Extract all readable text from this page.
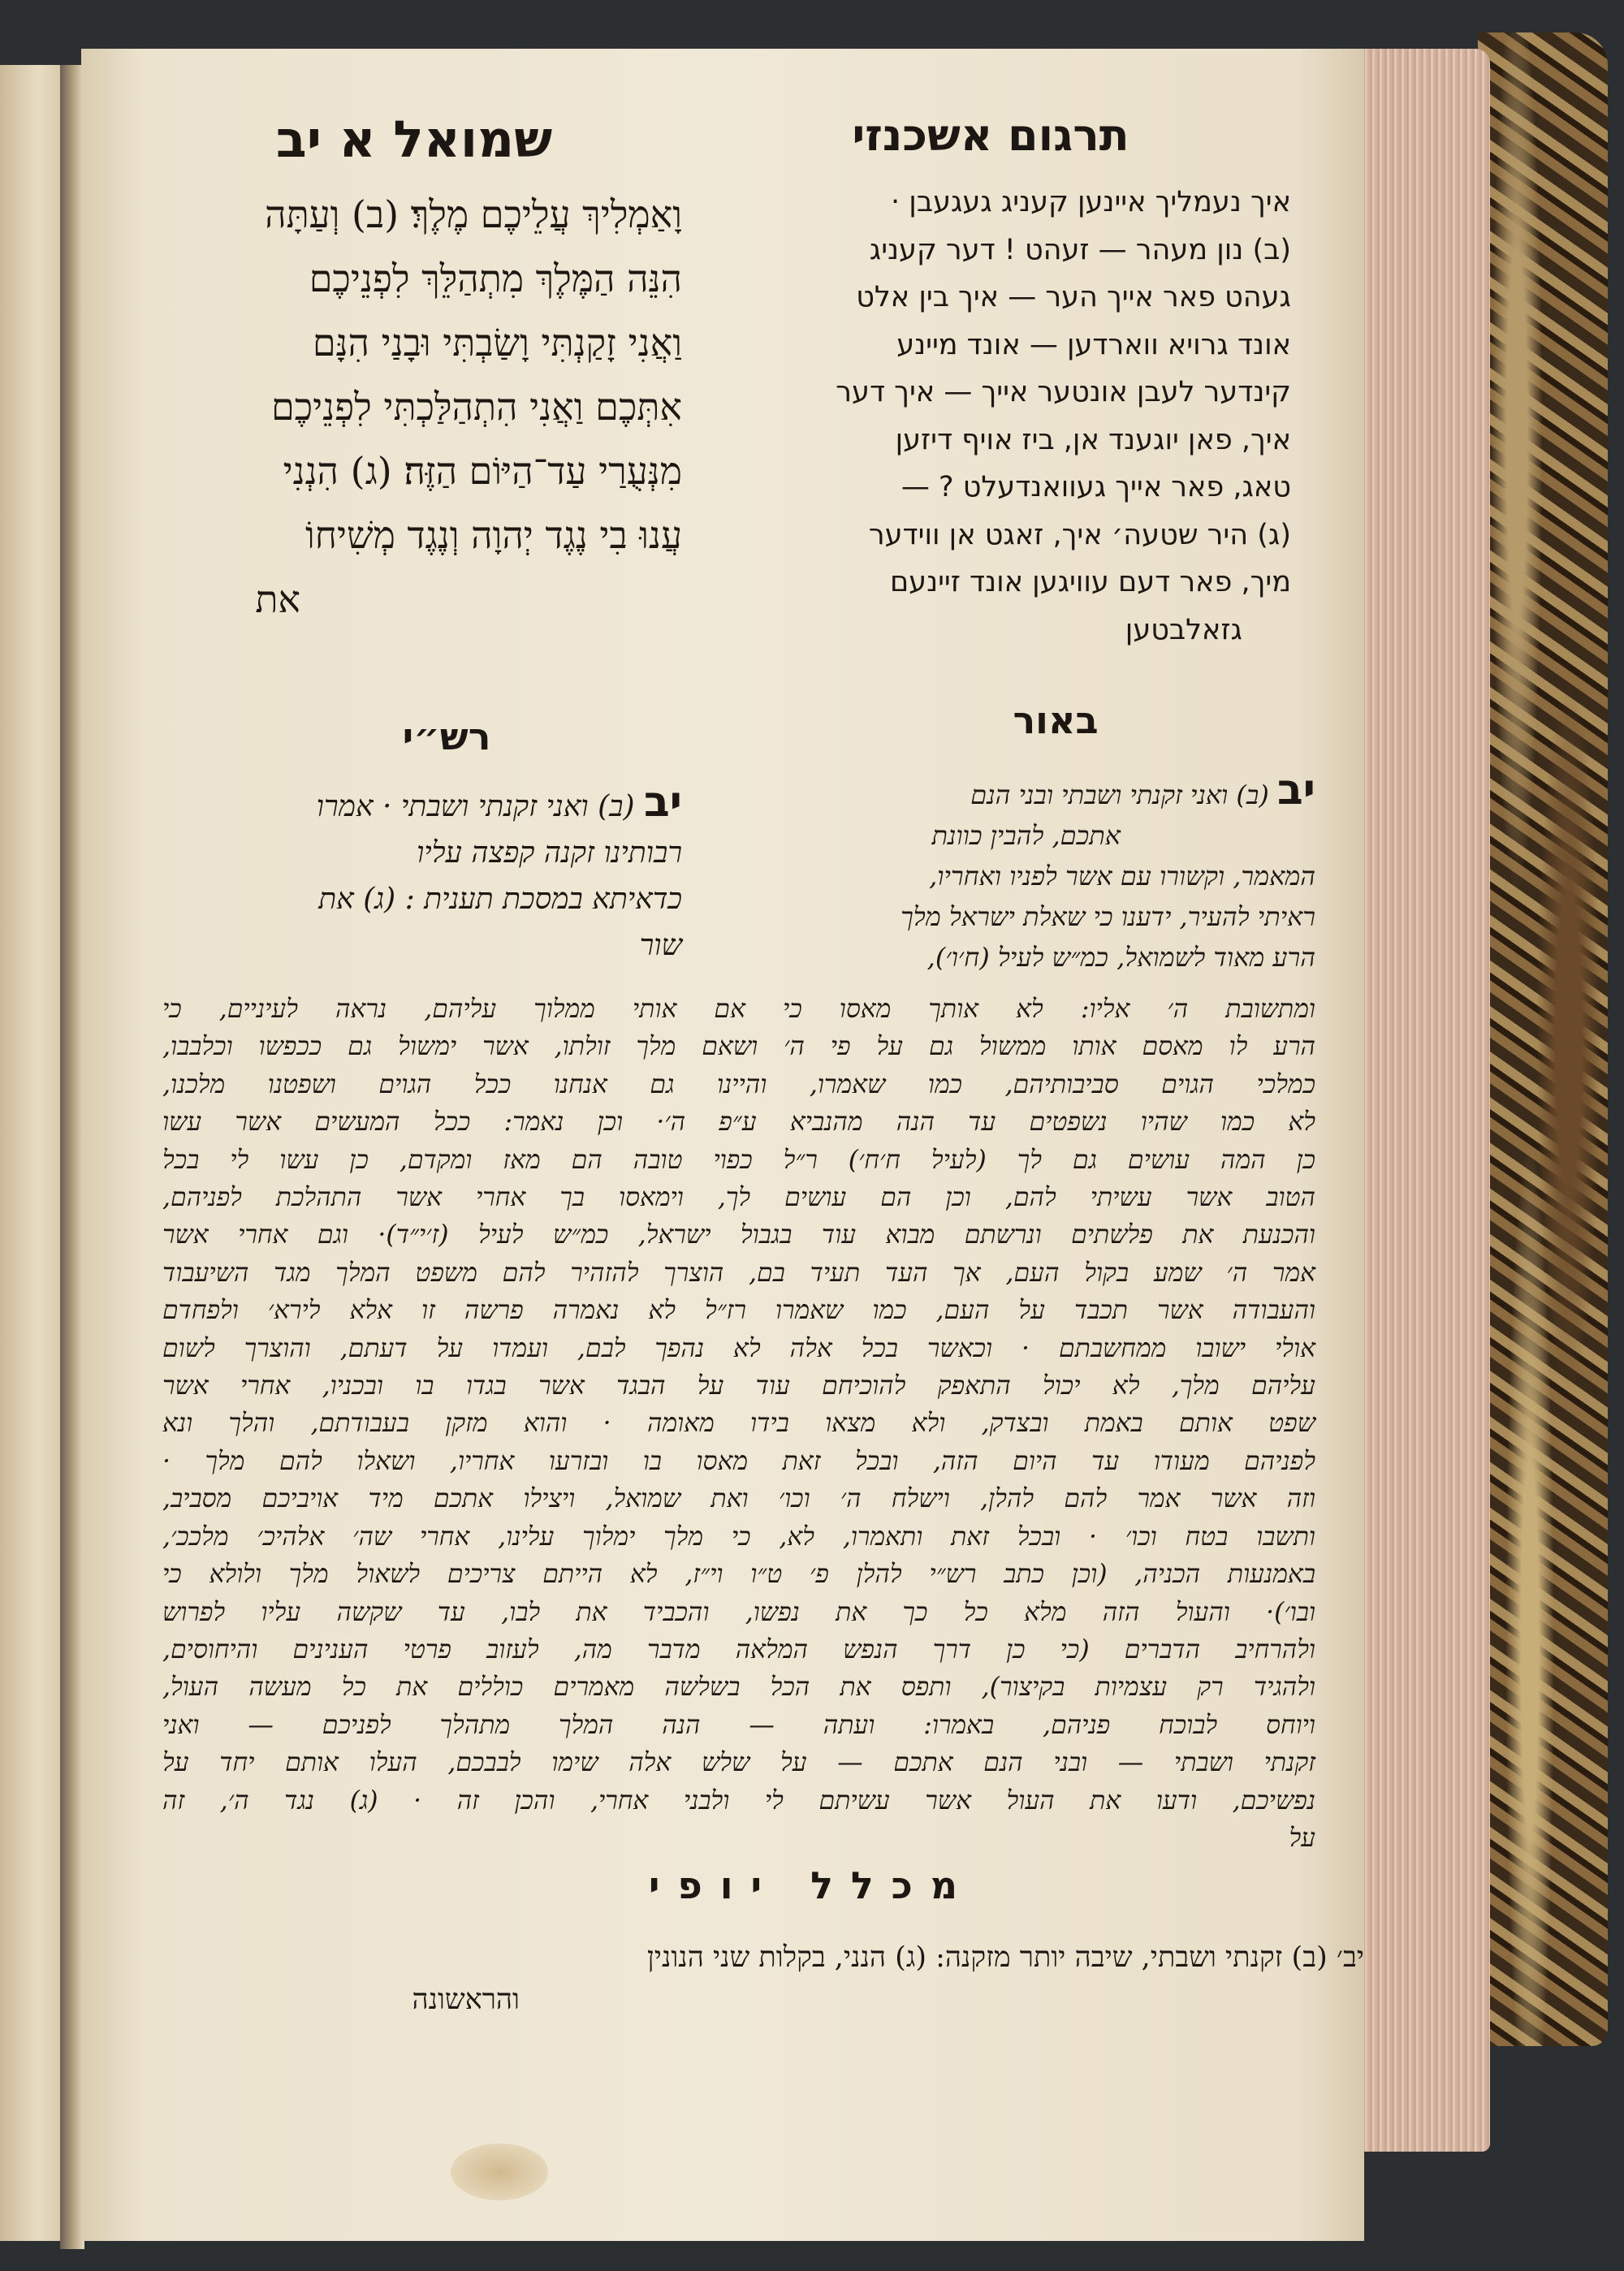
תרגום אשכנזי
שמואל א יב

איך נעמליך איינען קעניג געגעבן ·

(ב) נון מעהר — זעהט ! דער קעניג

געהט פאר אייך הער — איך בין אלט

אונד גרויא ווארדען — אונד מיינע

קינדער לעבן אונטער אייך — איך דער

איך, פאן יוגענד אן, ביז אויף דיזען

טאג, פאר אייך געוואנדעלט ? —

(ג) היר שטעה׳ איך, זאגט אן ווידער

מיך, פאר דעם עוויגען אונד זיינעם

גזאלבטען

וָאַמְלִיךְ עֲלֵיכֶם מֶלֶךְ׃ (ב) וְעַתָּה

הִנֵּה הַמֶּלֶךְ מִתְהַלֵּךְ לִפְנֵיכֶם

וַאֲנִי זָקַנְתִּי וָשַׂבְתִּי וּבָנַי הִנָּם

אִתְּכֶם וַאֲנִי הִתְהַלַּכְתִּי לִפְנֵיכֶם

מִנְּעֻרַי עַד־הַיּוֹם הַזֶּה׃ (ג) הִנְנִי

עֲנוּ בִי נֶגֶד יְהוָה וְנֶגֶד מְשִׁיחוֹ

את

באור
רש״י

יב (ב) ואני זקנתי ושבתי · אמרו

רבותינו זקנה קפצה עליו

כדאיתא במסכת תענית : (ג) את

שור

יב (ב) ואני זקנתי ושבתי ובני הנם

אתכם, להבין כוונת

המאמר, וקשורו עם אשר לפניו ואחריו,

ראיתי להעיר, ידענו כי שאלת ישראל מלך

הרע מאוד לשמואל, כמ״ש לעיל (ח׳ו׳),

ומתשובת ה׳ אליו: לא אותך מאסו כי אם אותי ממלוך עליהם, נראה לעיניים, כי

הרע לו מאסם אותו ממשול גם על פי ה׳ ושאם מלך זולתו, אשר ימשול גם ככפשו וכלבבו,

כמלכי הגוים סביבותיהם, כמו שאמרו, והיינו גם אנחנו ככל הגוים ושפטנו מלכנו,

לא כמו שהיו נשפטים עד הנה מהנביא ע״פ ה׳· וכן נאמר: ככל המעשים אשר עשו

כן המה עושים גם לך (לעיל ח׳ח׳) ר״ל כפוי טובה הם מאז ומקדם, כן עשו לי בכל

הטוב אשר עשיתי להם, וכן הם עושים לך, וימאסו בך אחרי אשר התהלכת לפניהם,

והכנעת את פלשתים ונרשתם מבוא עוד בגבול ישראל, כמ״ש לעיל (ז׳י״ד)· וגם אחרי אשר

אמר ה׳ שמע בקול העם, אך העד תעיד בם, הוצרך להזהיר להם משפט המלך מגד השיעבוד

והעבודה אשר תכבד על העם, כמו שאמרו רז״ל לא נאמרה פרשה זו אלא לירא׳ ולפחדם

אולי ישובו ממחשבתם · וכאשר בכל אלה לא נהפך לבם, ועמדו על דעתם, והוצרך לשום

עליהם מלך, לא יכול התאפק להוכיחם עוד על הבגד אשר בגדו בו ובכניו, אחרי אשר

שפט אותם באמת ובצדק, ולא מצאו בידו מאומה · והוא מזקן בעבודתם, והלך ונא

לפניהם מעודו עד היום הזה, ובכל זאת מאסו בו ובזרעו אחריו, ושאלו להם מלך ·

וזה אשר אמר להם להלן, וישלח ה׳ וכו׳ ואת שמואל, ויצילו אתכם מיד אויביכם מסביב,

ותשבו בטח וכו׳ · ובכל זאת ותאמרו, לא, כי מלך ימלוך עלינו, אחרי שה׳ אלהיכ׳ מלככ׳,

באמנעות הכניה, (וכן כתב רש״י להלן פ׳ ט״ו וי״ז, לא הייתם צריכים לשאול מלך ולולא כי

ובו׳)· והעול הזה מלא כל כך את נפשו, והכביד את לבו, עד שקשה עליו לפרוש

ולהרחיב הדברים (כי כן דרך הנפש המלאה מדבר מה, לעזוב פרטי הענינים והיחוסים,

ולהגיד רק עצמיות בקיצור), ותפס את הכל בשלשה מאמרים כוללים את כל מעשה העול,

ויוחס לבוכח פניהם, באמרו: ועתה — הנה המלך מתהלך לפניכם — ואני

זקנתי ושבתי — ובני הנם אתכם — על שלש אלה שימו לבבכם, העלו אותם יחד על

נפשיכם, ודעו את העול אשר עשיתם לי ולבני אחרי, והכן זה · (ג) נגד ה׳, זה

על

מכלל יופי

יב׳ (ב) זקנתי ושבתי, שיבה יותר מזקנה: (ג) הנני, בקלות שני הנונין

והראשונה
